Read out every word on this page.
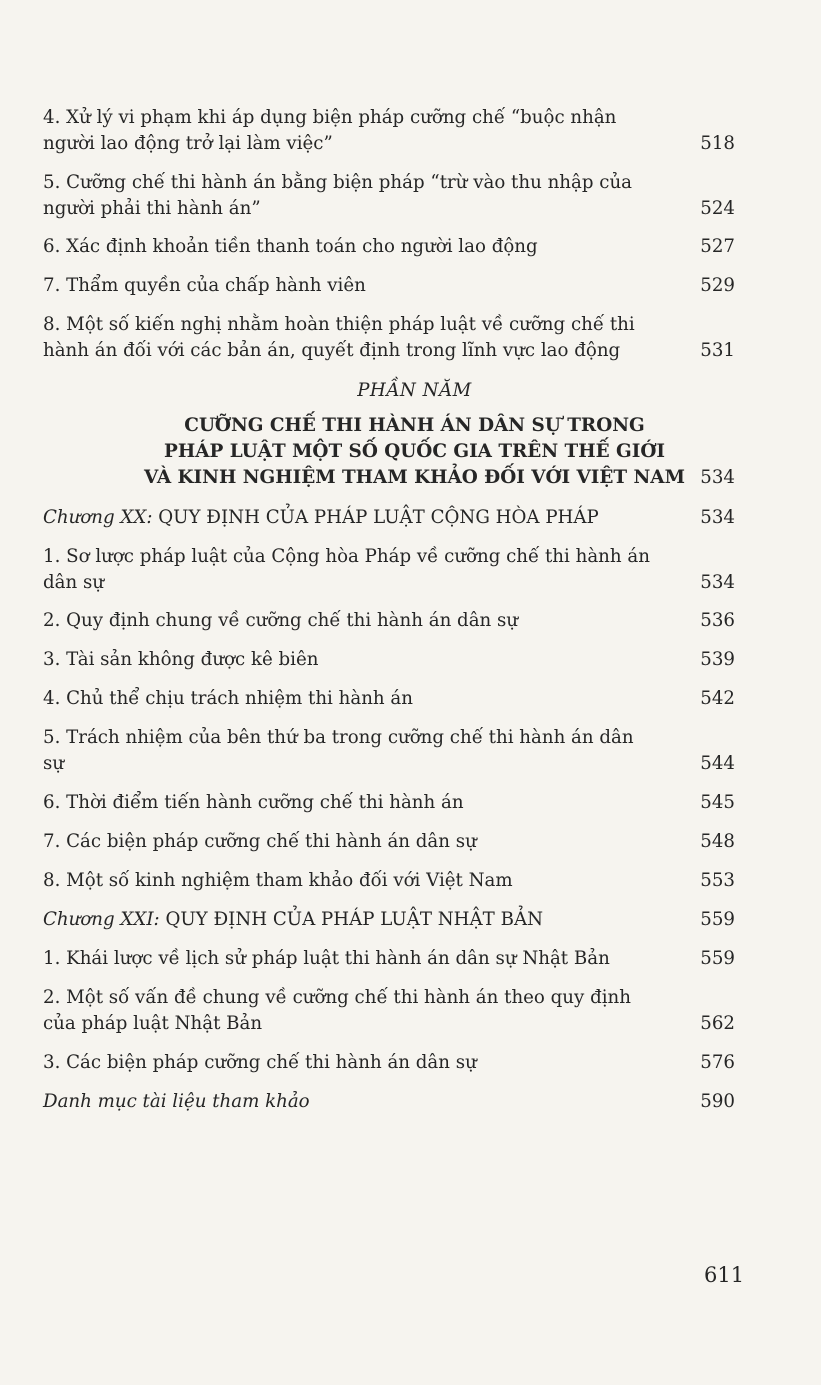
4. Xử lý vi phạm khi áp dụng biện pháp cưỡng chế “buộc nhận người lao động trở lại làm việc”	518

5. Cưỡng chế thi hành án bằng biện pháp “trừ vào thu nhập của người phải thi hành án”	524

6. Xác định khoản tiền thanh toán cho người lao động	527

7. Thẩm quyền của chấp hành viên	529

8. Một số kiến nghị nhằm hoàn thiện pháp luật về cưỡng chế thi hành án đối với các bản án, quyết định trong lĩnh vực lao động	531
PHẦN NĂM
CƯỠNG CHẾ THI HÀNH ÁN DÂN SỰ TRONG
PHÁP LUẬT MỘT SỐ QUỐC GIA TRÊN THẾ GIỚI
VÀ KINH NGHIỆM THAM KHẢO ĐỐI VỚI VIỆT NAM 534

Chương XX: QUY ĐỊNH CỦA PHÁP LUẬT CỘNG HÒA PHÁP	534

1. Sơ lược pháp luật của Cộng hòa Pháp về cưỡng chế thi hành án dân sự	534

2. Quy định chung về cưỡng chế thi hành án dân sự	536

3. Tài sản không được kê biên	539

4. Chủ thể chịu trách nhiệm thi hành án	542

5. Trách nhiệm của bên thứ ba trong cưỡng chế thi hành án dân sự	544

6. Thời điểm tiến hành cưỡng chế thi hành án	545

7. Các biện pháp cưỡng chế thi hành án dân sự	548

8. Một số kinh nghiệm tham khảo đối với Việt Nam	553

Chương XXI: QUY ĐỊNH CỦA PHÁP LUẬT NHẬT BẢN	559

1. Khái lược về lịch sử pháp luật thi hành án dân sự Nhật Bản	559

2. Một số vấn đề chung về cưỡng chế thi hành án theo quy định của pháp luật Nhật Bản	562

3. Các biện pháp cưỡng chế thi hành án dân sự	576

Danh mục tài liệu tham khảo	590
611
